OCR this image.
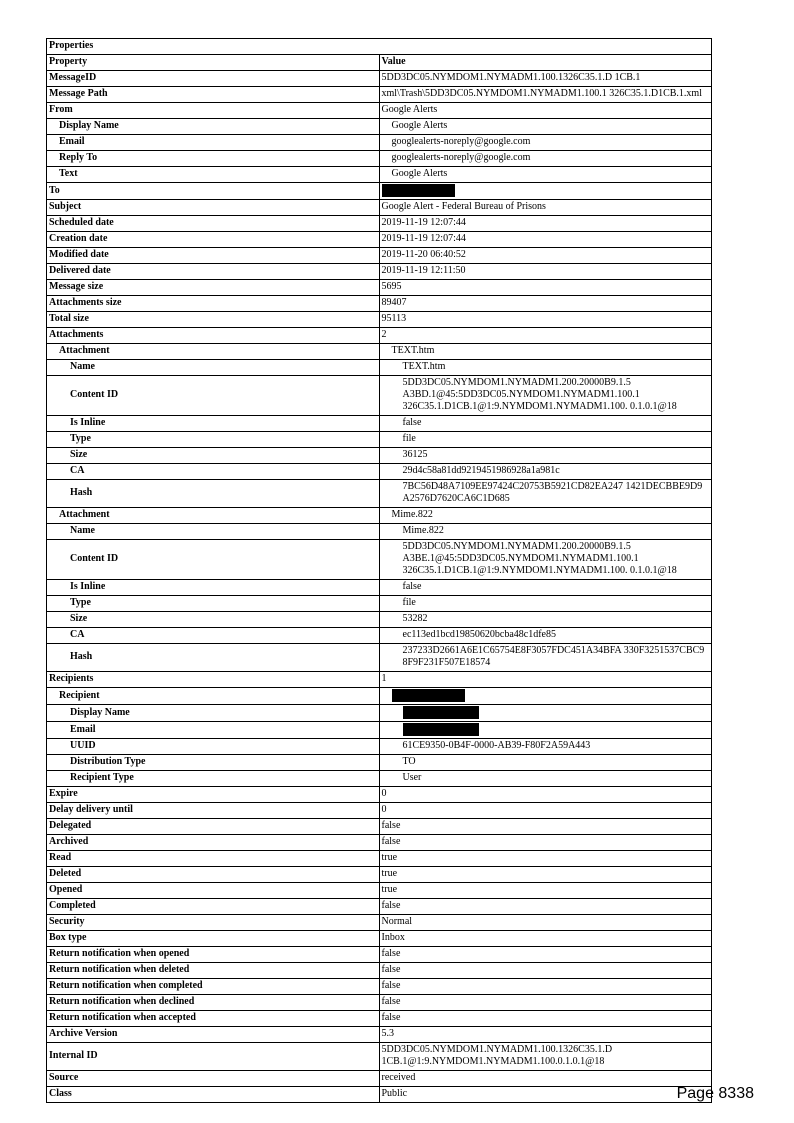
Properties	
Property	Value
MessageID	5DD3DC05.NYMDOM1.NYMADM1.100.1326C35.1.D 1CB.1
Message Path	xml\Trash\5DD3DC05.NYMDOM1.NYMADM1.100.1 326C35.1.D1CB.1.xml
From	Google Alerts
Display Name	Google Alerts
Email	googlealerts-noreply@google.com
Reply To	googlealerts-noreply@google.com
Text	Google Alerts
To	
Subject	Google Alert - Federal Bureau of Prisons
Scheduled date	2019-11-19 12:07:44
Creation date	2019-11-19 12:07:44
Modified date	2019-11-20 06:40:52
Delivered date	2019-11-19 12:11:50
Message size	5695
Attachments size	89407
Total size	95113
Attachments	2
Attachment	TEXT.htm
Name	TEXT.htm
Content ID	5DD3DC05.NYMDOM1.NYMADM1.200.20000B9.1.5
A3BD.1@45:5DD3DC05.NYMDOM1.NYMADM1.100.1
326C35.1.D1CB.1@1:9.NYMDOM1.NYMADM1.100. 0.1.0.1@18
Is Inline	false
Type	file
Size	36125
CA	29d4c58a81dd9219451986928a1a981c
Hash	7BC56D48A7109EE97424C20753B5921CD82EA247 1421DECBBE9D9A2576D7620CA6C1D685
Attachment	Mime.822
Name	Mime.822
Content ID	5DD3DC05.NYMDOM1.NYMADM1.200.20000B9.1.5
A3BE.1@45:5DD3DC05.NYMDOM1.NYMADM1.100.1
326C35.1.D1CB.1@1:9.NYMDOM1.NYMADM1.100. 0.1.0.1@18
Is Inline	false
Type	file
Size	53282
CA	ec113ed1bcd19850620bcba48c1dfe85
Hash	237233D2661A6E1C65754E8F3057FDC451A34BFA 330F3251537CBC98F9F231F507E18574
Recipients	1
Recipient	
Display Name	
Email	
UUID	61CE9350-0B4F-0000-AB39-F80F2A59A443
Distribution Type	TO
Recipient Type	User
Expire	0
Delay delivery until	0
Delegated	false
Archived	false
Read	true
Deleted	true
Opened	true
Completed	false
Security	Normal
Box type	Inbox
Return notification when opened	false
Return notification when deleted	false
Return notification when completed	false
Return notification when declined	false
Return notification when accepted	false
Archive Version	5.3
Internal ID	5DD3DC05.NYMDOM1.NYMADM1.100.1326C35.1.D
1CB.1@1:9.NYMDOM1.NYMADM1.100.0.1.0.1@18
Source	received
Class	Public	Page 8338
